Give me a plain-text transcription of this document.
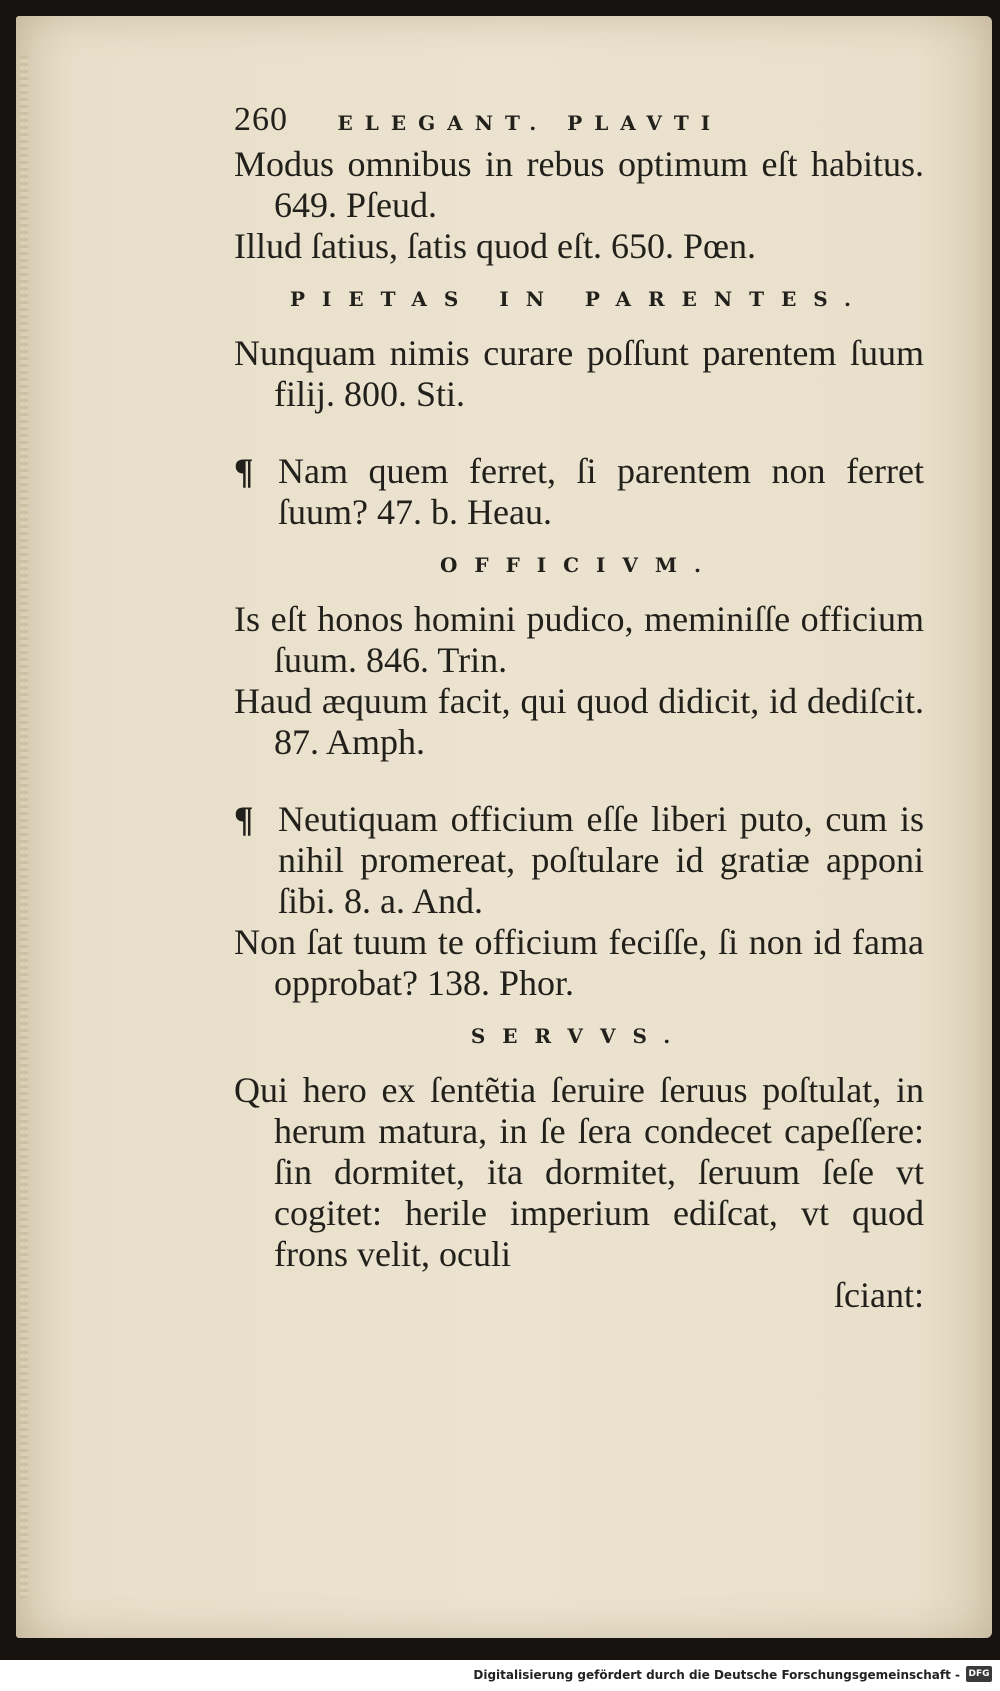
260 ELEGANT. PLAVTI
Modus omnibus in rebus optimum eſt habitus. 649. Pſeud.
Illud ſatius, ſatis quod eſt. 650. Pœn.
PIETAS IN PARENTES.
Nunquam nimis curare poſſunt parentem ſuum filij. 800. Sti.
¶ Nam quem ferret, ſi parentem non ferret ſuum? 47. b. Heau.
OFFICIVM.
Is eſt honos homini pudico, meminiſſe officium ſuum. 846. Trin.
Haud æquum facit, qui quod didicit, id dediſcit. 87. Amph.
¶ Neutiquam officium eſſe liberi puto, cum is nihil promereat, poſtulare id gratiæ apponi ſibi. 8. a. And.
Non ſat tuum te officium feciſſe, ſi non id fama opprobat? 138. Phor.
SERVVS.
Qui hero ex ſentẽtia ſeruire ſeruus poſtulat, in herum matura, in ſe ſera condecet capeſſere: ſin dormitet, ita dormitet, ſeruum ſeſe vt cogitet: herile imperium ediſcat, vt quod frons velit, oculi
ſciant:
Digitalisierung gefördert durch die Deutsche Forschungsgemeinschaft - DFG
